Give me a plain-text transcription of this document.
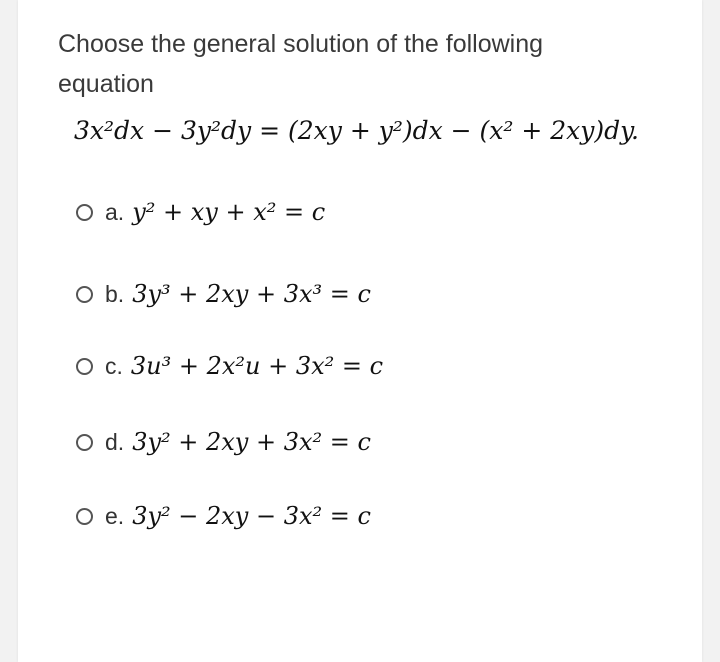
Choose the general solution of the following equation
3x²dx − 3y²dy = (2xy + y²)dx − (x² + 2xy)dy.
a. y² + xy + x² = c
b. 3y³ + 2xy + 3x³ = c
c. 3u³ + 2x²u + 3x² = c
d. 3y² + 2xy + 3x² = c
e. 3y² − 2xy − 3x² = c
